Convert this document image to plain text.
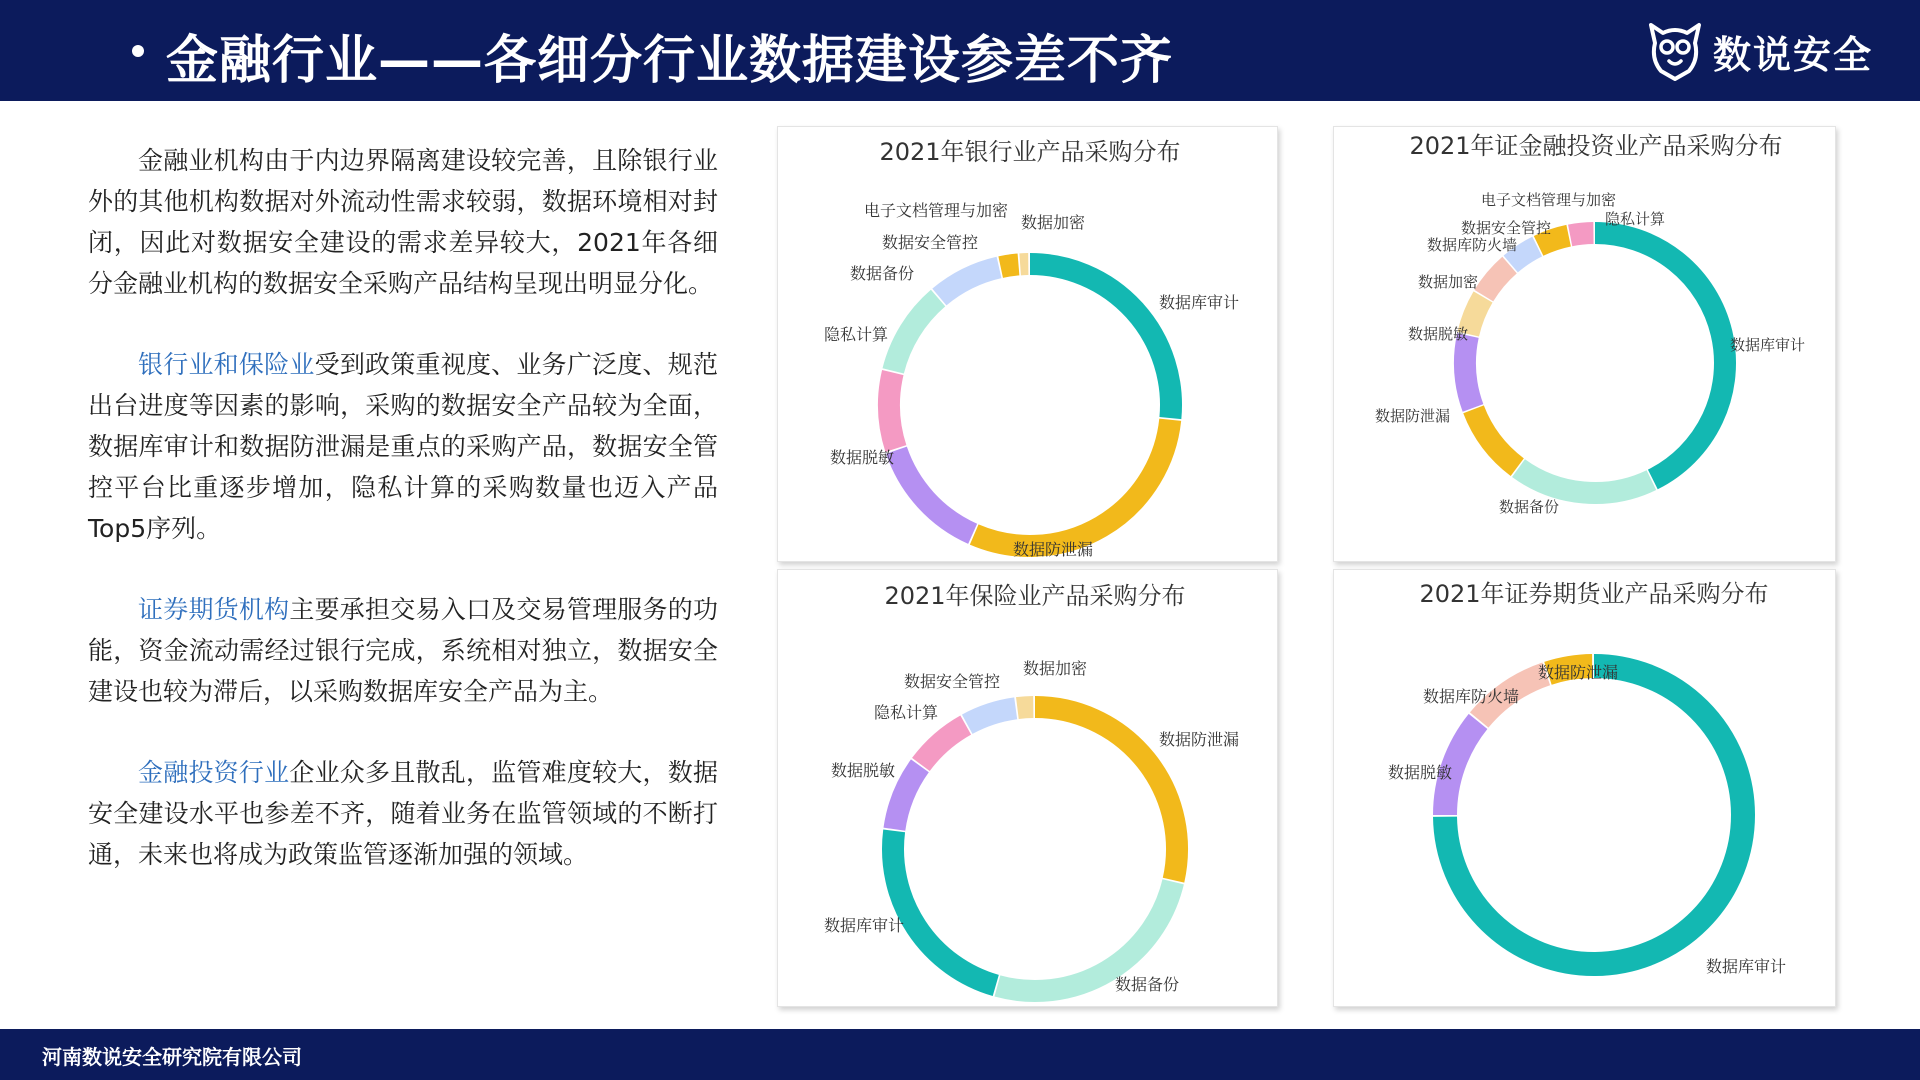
金融行业——各细分行业数据建设参差不齐	数说安全

金融业机构由于内边界隔离建设较完善，且除银行业外的其他机构数据对外流动性需求较弱，数据环境相对封闭，因此对数据安全建设的需求差异较大，2021年各细分金融业机构的数据安全采购产品结构呈现出明显分化。

银行业和保险业受到政策重视度、业务广泛度、规范出台进度等因素的影响，采购的数据安全产品较为全面，数据库审计和数据防泄漏是重点的采购产品，数据安全管控平台比重逐步增加，隐私计算的采购数量也迈入产品Top5序列。

证券期货机构主要承担交易入口及交易管理服务的功能，资金流动需经过银行完成，系统相对独立，数据安全建设也较为滞后，以采购数据库安全产品为主。

金融投资行业企业众多且散乱，监管难度较大，数据安全建设水平也参差不齐，随着业务在监管领域的不断打通，未来也将成为政策监管逐渐加强的领域。

2021年银行业产品采购分布
数据库审计
数据防泄漏
数据脱敏
隐私计算
数据备份
数据安全管控
电子文档管理与加密
数据加密
2021年证金融投资业产品采购分布
数据库审计
数据备份
数据防泄漏
数据脱敏
数据加密
数据库防火墙
数据安全管控
电子文档管理与加密
隐私计算
2021年保险业产品采购分布
数据防泄漏
数据备份
数据库审计
数据脱敏
隐私计算
数据安全管控
数据加密
2021年证券期货业产品采购分布
数据库审计
数据脱敏
数据库防火墙
数据防泄漏
河南数说安全研究院有限公司
